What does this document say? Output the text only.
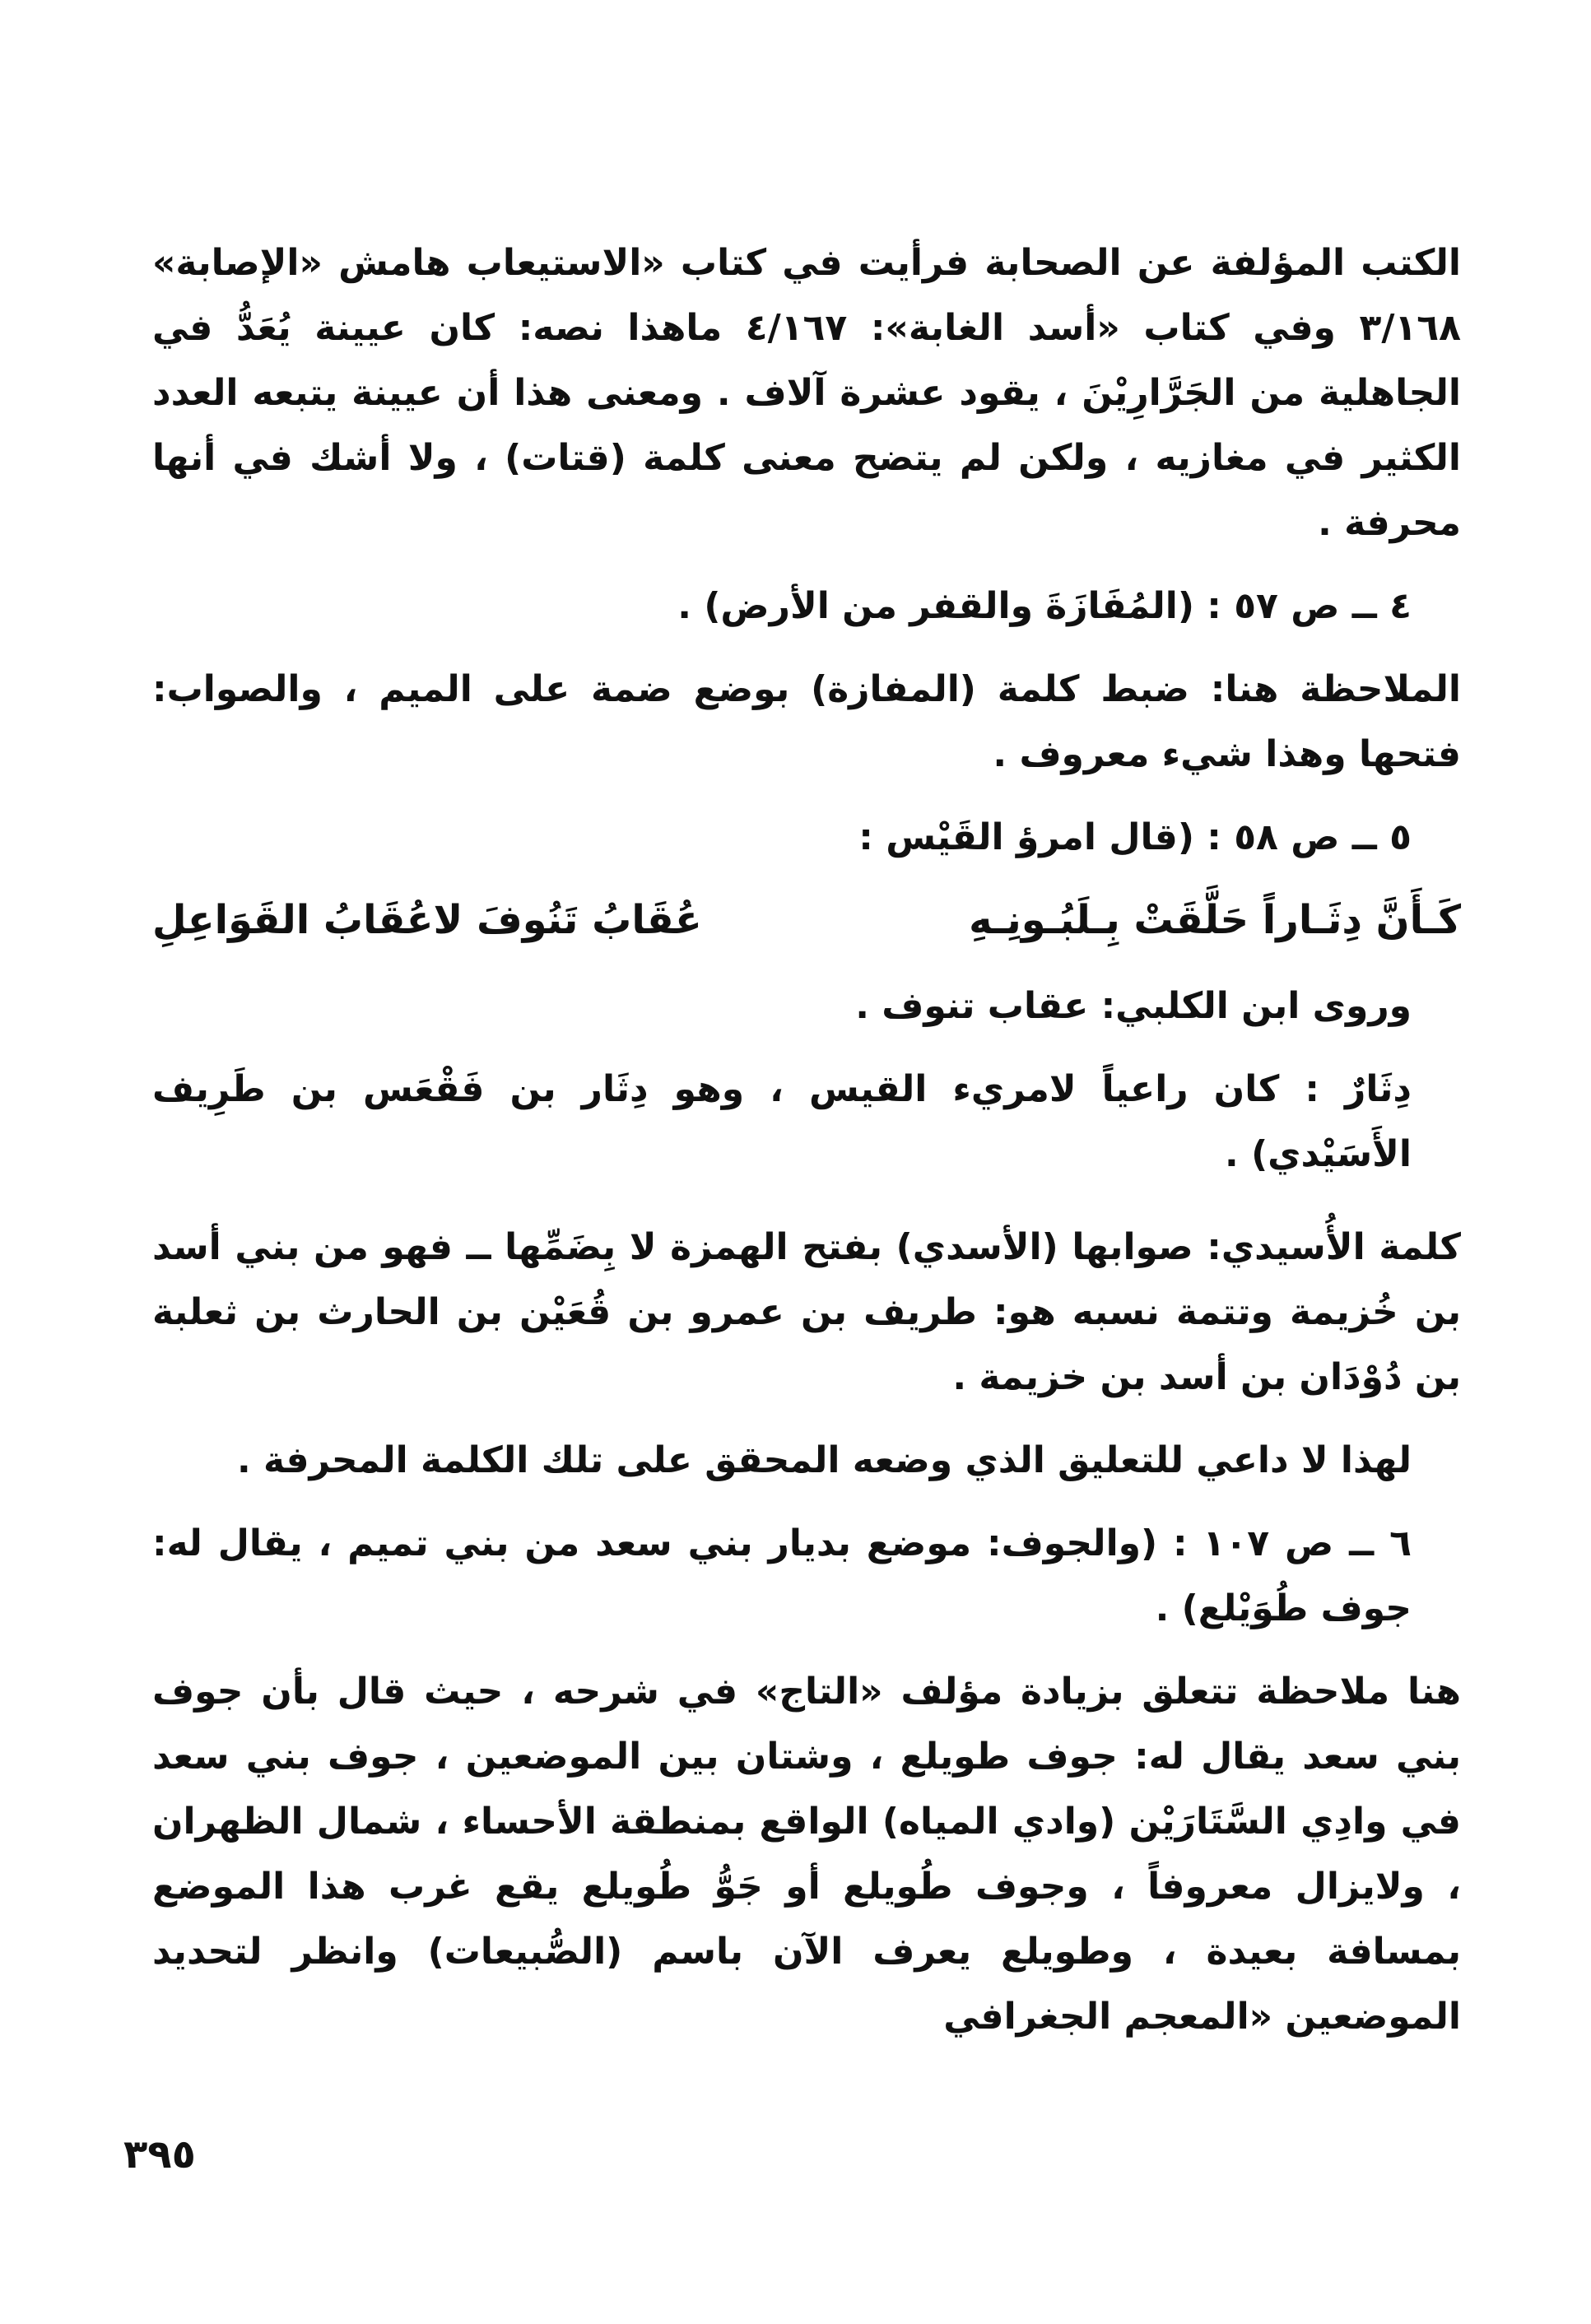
الكتب المؤلفة عن الصحابة فرأيت في كتاب «الاستيعاب هامش «الإصابة» ٣/١٦٨ وفي كتاب «أسد الغابة»: ٤/١٦٧ ماهذا نصه: كان عيينة يُعَدُّ في الجاهلية من الجَرَّارِيْنَ ، يقود عشرة آلاف . ومعنى هذا أن عيينة يتبعه العدد الكثير في مغازيه ، ولكن لم يتضح معنى كلمة (قتات) ، ولا أشك في أنها محرفة .

٤ ــ ص ٥٧ : (المُفَازَةَ والقفر من الأرض) .

الملاحظة هنا: ضبط كلمة (المفازة) بوضع ضمة على الميم ، والصواب: فتحها وهذا شيء معروف .

٥ ــ ص ٥٨ : (قال امرؤ القَيْس :

كَـأَنَّ دِثَـاراً حَلَّقَتْ بِـلَبُـونِـهِ
عُقَابُ تَنُوفَ لاعُقَابُ القَوَاعِلِ

وروى ابن الكلبي: عقاب تنوف .

دِثَارٌ : كان راعياً لامريء القيس ، وهو دِثَار بن فَقْعَس بن طَرِيف الأَسَيْدي) .

كلمة الأُسيدي: صوابها (الأسدي) بفتح الهمزة لا بِضَمِّها ــ فهو من بني أسد بن خُزيمة وتتمة نسبه هو: طريف بن عمرو بن قُعَيْن بن الحارث بن ثعلبة بن دُوْدَان بن أسد بن خزيمة .

لهذا لا داعي للتعليق الذي وضعه المحقق على تلك الكلمة المحرفة .

٦ ــ ص ١٠٧ : (والجوف: موضع بديار بني سعد من بني تميم ، يقال له: جوف طُوَيْلع) .

هنا ملاحظة تتعلق بزيادة مؤلف «التاج» في شرحه ، حيث قال بأن جوف بني سعد يقال له: جوف طويلع ، وشتان بين الموضعين ، جوف بني سعد في وادِي السَّتَارَيْن (وادي المياه) الواقع بمنطقة الأحساء ، شمال الظهران ، ولايزال معروفاً ، وجوف طُويلع أو جَوُّ طُويلع يقع غرب هذا الموضع بمسافة بعيدة ، وطويلع يعرف الآن باسم (الصُّبيعات) وانظر لتحديد الموضعين «المعجم الجغرافي

٣٩٥
